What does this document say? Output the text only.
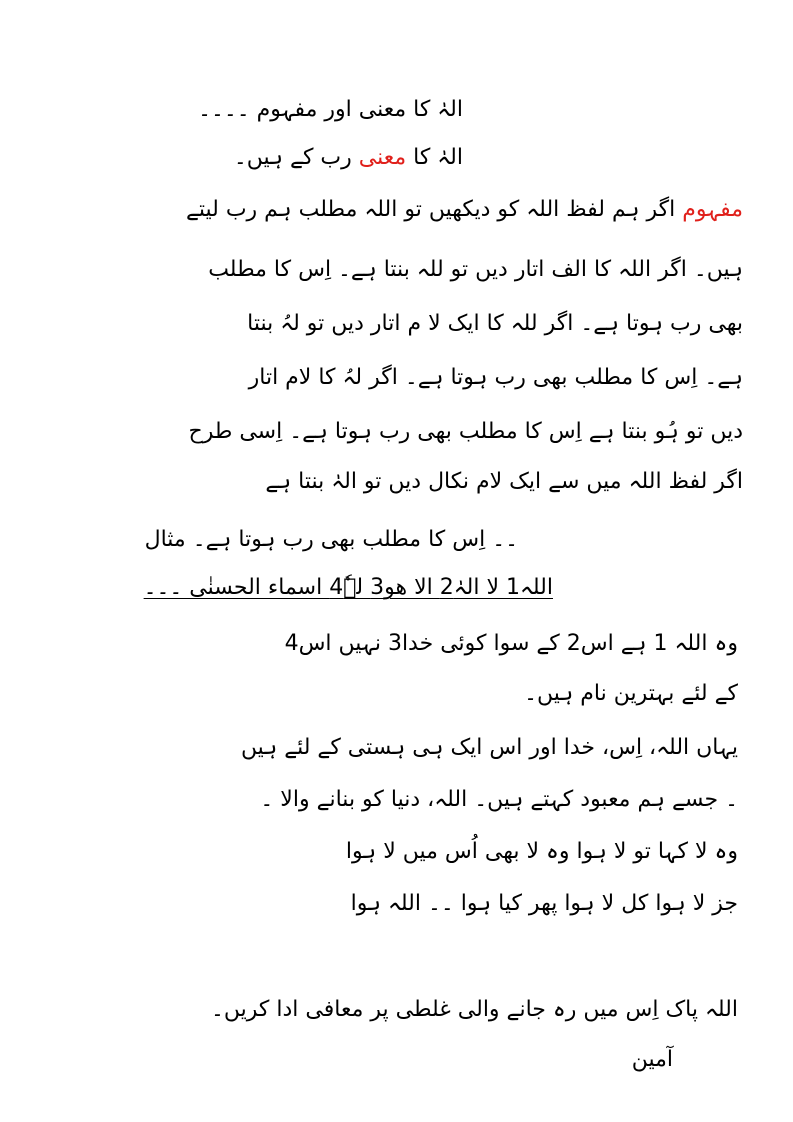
الہٰ کا معنی اور مفہوم ۔۔۔۔
الہٰ کا معنی رب کے ہیں۔
مفہوم اگر ہم لفظ اللہ کو دیکھیں تو اللہ مطلب ہم رب لیتے
ہیں۔ اگر اللہ کا الف اتار دیں تو للہ بنتا ہے۔ اِس کا مطلب
بھی رب ہوتا ہے۔ اگر للہ کا ایک لا م اتار دیں تو لہُ بنتا
ہے۔ اِس کا مطلب بھی رب ہوتا ہے۔ اگر لہُ کا لام اتار
دیں تو ہُو بنتا ہے اِس کا مطلب بھی رب ہوتا ہے۔ اِسی طرح
اگر لفظ اللہ میں سے ایک لام نکال دیں تو الہٰ بنتا ہے
۔۔ اِس کا مطلب بھی رب ہوتا ہے۔ مثال
اللہ1 لا الہٰ2 الا ھو3 لہٗ4 اسماء الحسنٰی ۔۔۔
وہ اللہ 1 ہے اس2 کے سوا کوئی خدا3 نہیں اس4
کے لئے بہترین نام ہیں۔
یہاں اللہ، اِس، خدا اور اس ایک ہی ہستی کے لئے ہیں
۔ جسے ہم معبود کہتے ہیں۔ اللہ، دنیا کو بنانے والا ۔
وہ لا کہا تو لا ہوا وہ لا بھی اُس میں لا ہوا
جز لا ہوا کل لا ہوا پھر کیا ہوا ۔۔ اللہ ہوا
اللہ پاک اِس میں رہ جانے والی غلطی پر معافی ادا کریں۔
آمین
